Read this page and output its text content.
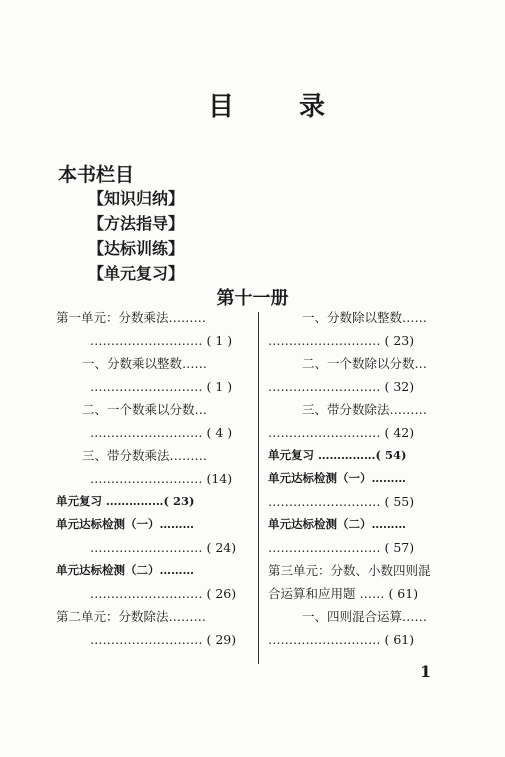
目 录
本书栏目
【知识归纳】
【方法指导】
【达标训练】
【单元复习】
第十一册
第一单元：分数乘法………
……………………… ( 1 )
一、分数乘以整数……
……………………… ( 1 )
二、一个数乘以分数…
……………………… ( 4 )
三、带分数乘法………
……………………… (14)
单元复习 ……………( 23)
单元达标检测（一）………
……………………… ( 24)
单元达标检测（二）………
……………………… ( 26)
第二单元：分数除法………
……………………… ( 29)
一、分数除以整数……
……………………… ( 23)
二、一个数除以分数…
……………………… ( 32)
三、带分数除法………
……………………… ( 42)
单元复习 ……………( 54)
单元达标检测（一）………
……………………… ( 55)
单元达标检测（二）………
……………………… ( 57)
第三单元：分数、小数四则混
合运算和应用题 …… ( 61)
一、四则混合运算……
……………………… ( 61)
1
